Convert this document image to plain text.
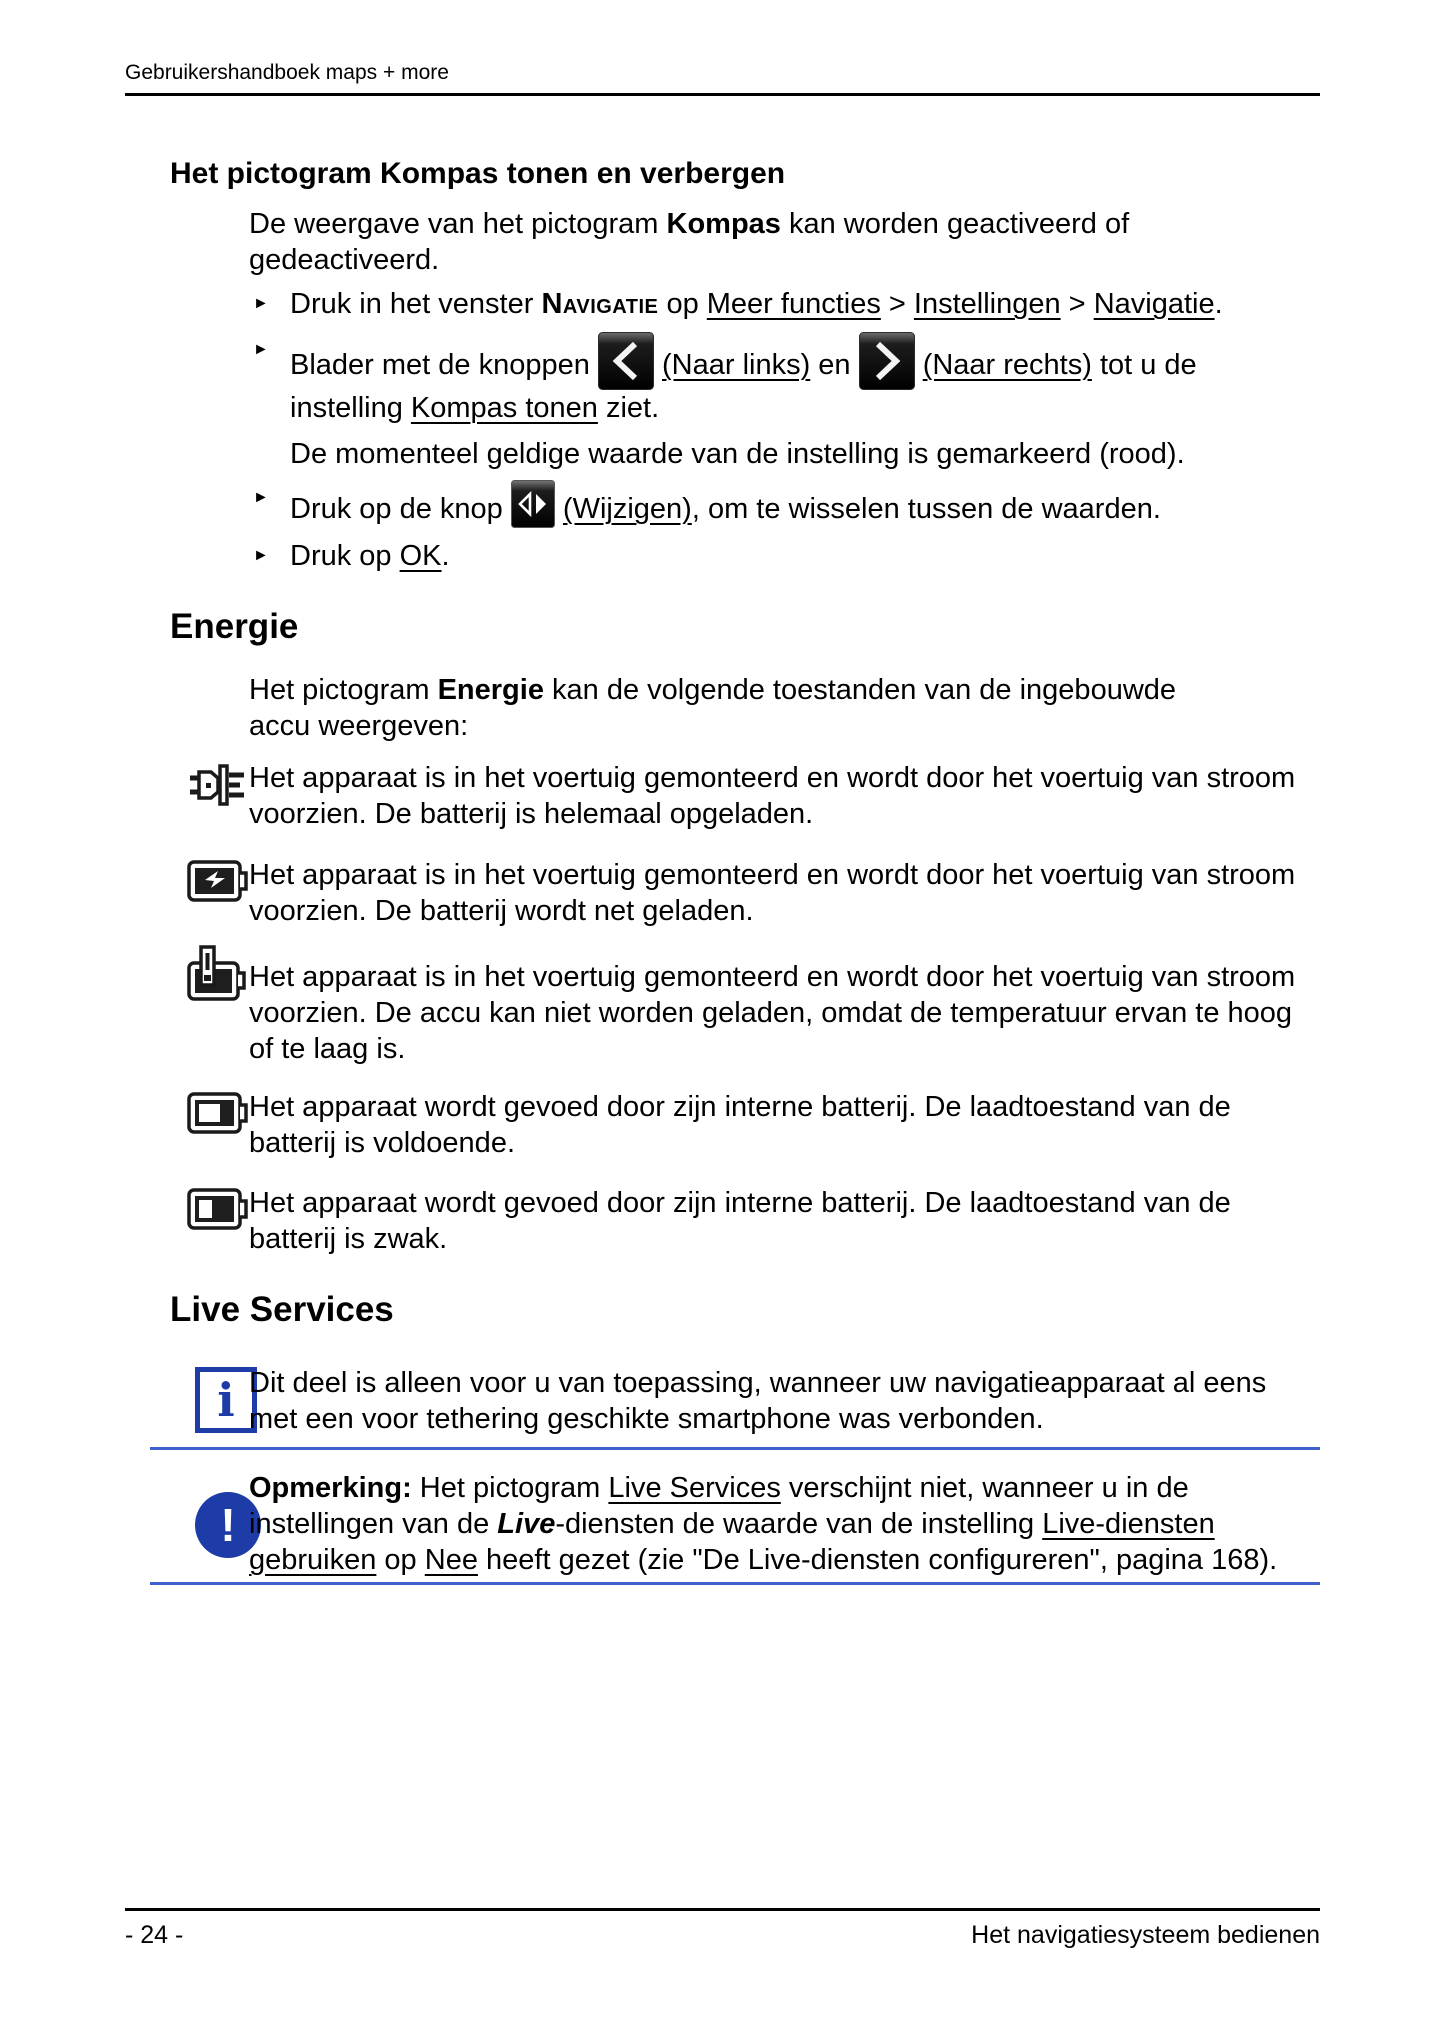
Gebruikershandboek maps + more
Het pictogram Kompas tonen en verbergen

De weergave van het pictogram Kompas kan worden geactiveerd of gedeactiveerd.

► Druk in het venster Navigatie op Meer functies > Instellingen > Navigatie.

► Blader met de knoppen  (Naar links) en  (Naar rechts) tot u de instelling Kompas tonen ziet.

De momenteel geldige waarde van de instelling is gemarkeerd (rood).

► Druk op de knop  (Wijzigen), om te wisselen tussen de waarden.

► Druk op OK.

Energie

Het pictogram Energie kan de volgende toestanden van de ingebouwde accu weergeven:

Het apparaat is in het voertuig gemonteerd en wordt door het voertuig van stroom voorzien. De batterij is helemaal opgeladen.

Het apparaat is in het voertuig gemonteerd en wordt door het voertuig van stroom voorzien. De batterij wordt net geladen.

Het apparaat is in het voertuig gemonteerd en wordt door het voertuig van stroom voorzien. De accu kan niet worden geladen, omdat de temperatuur ervan te hoog of te laag is.

Het apparaat wordt gevoed door zijn interne batterij. De laadtoestand van de batterij is voldoende.

Het apparaat wordt gevoed door zijn interne batterij. De laadtoestand van de batterij is zwak.

Live Services
i Dit deel is alleen voor u van toepassing, wanneer uw navigatieapparaat al eens met een voor tethering geschikte smartphone was verbonden.

!

Opmerking: Het pictogram Live Services verschijnt niet, wanneer u in de instellingen van de Live-diensten de waarde van de instelling Live-diensten gebruiken op Nee heeft gezet (zie "De Live-diensten configureren", pagina 168).

- 24 -	Het navigatiesysteem bedienen
